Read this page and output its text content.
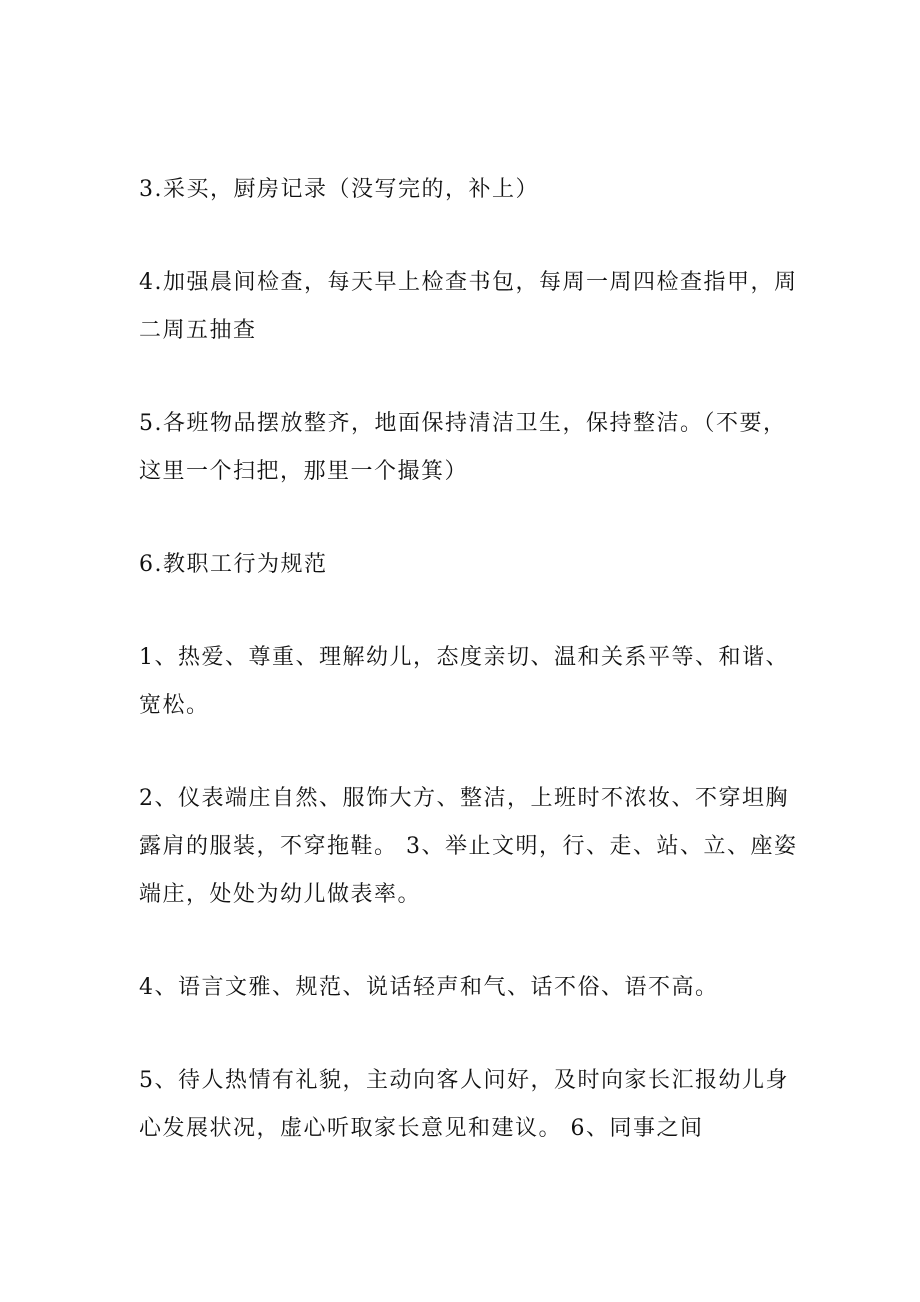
3.采买，厨房记录（没写完的，补上）

4.加强晨间检查，每天早上检查书包，每周一周四检查指甲，周二周五抽查

5.各班物品摆放整齐，地面保持清洁卫生，保持整洁。（不要，这里一个扫把，那里一个撮箕）

6.教职工行为规范

1、热爱、尊重、理解幼儿，态度亲切、温和关系平等、和谐、宽松。

2、仪表端庄自然、服饰大方、整洁，上班时不浓妆、不穿坦胸露肩的服装，不穿拖鞋。 3、举止文明，行、走、站、立、座姿端庄，处处为幼儿做表率。

4、语言文雅、规范、说话轻声和气、话不俗、语不高。

5、待人热情有礼貌，主动向客人问好，及时向家长汇报幼儿身心发展状况，虚心听取家长意见和建议。 6、同事之间
